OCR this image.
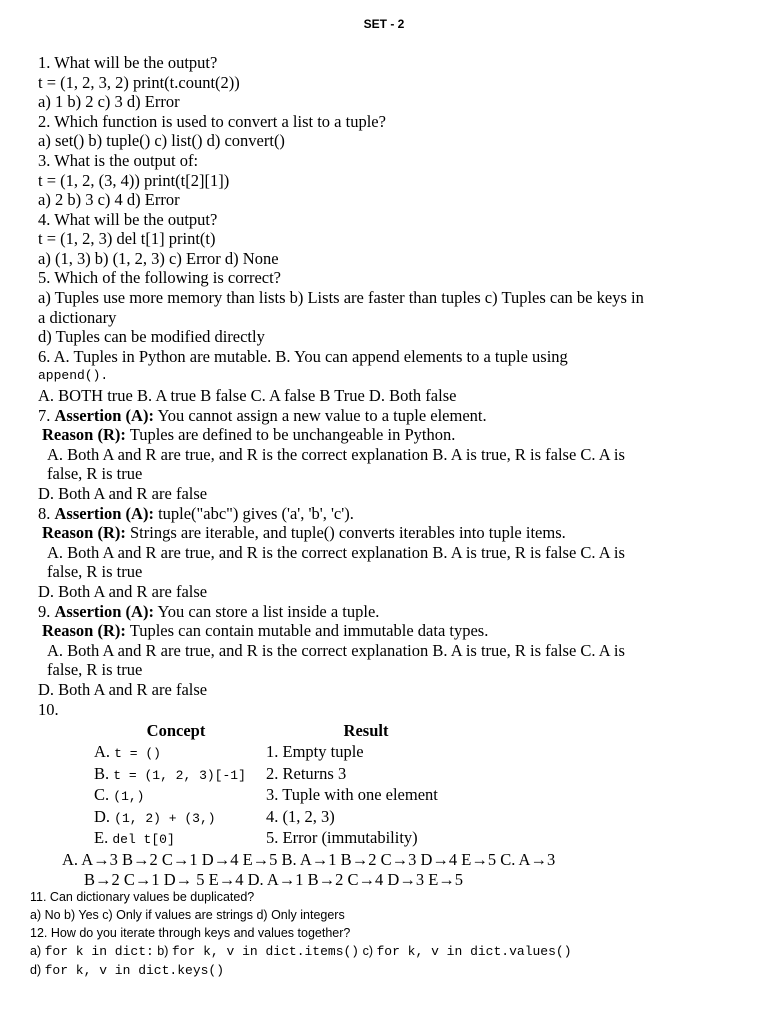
SET - 2
1. What will be the output?
t = (1, 2, 3, 2) print(t.count(2))
a) 1 b) 2 c) 3 d) Error
2. Which function is used to convert a list to a tuple?
a) set() b) tuple() c) list() d) convert()
3. What is the output of:
t = (1, 2, (3, 4)) print(t[2][1])
a) 2 b) 3 c) 4 d) Error
4. What will be the output?
t = (1, 2, 3) del t[1] print(t)
a) (1, 3) b) (1, 2, 3) c) Error d) None
5. Which of the following is correct?
a) Tuples use more memory than lists b) Lists are faster than tuples c) Tuples can be keys in
a dictionary
d) Tuples can be modified directly
6. A. Tuples in Python are mutable. B. You can append elements to a tuple using
append().
A. BOTH true B. A true B false C. A false B True D. Both false
7. Assertion (A): You cannot assign a new value to a tuple element.
Reason (R): Tuples are defined to be unchangeable in Python.
A. Both A and R are true, and R is the correct explanation B. A is true, R is false C. A is
false, R is true
D. Both A and R are false
8. Assertion (A): tuple("abc") gives ('a', 'b', 'c').
Reason (R): Strings are iterable, and tuple() converts iterables into tuple items.
A. Both A and R are true, and R is the correct explanation B. A is true, R is false C. A is
false, R is true
D. Both A and R are false
9. Assertion (A): You can store a list inside a tuple.
Reason (R): Tuples can contain mutable and immutable data types.
A. Both A and R are true, and R is the correct explanation B. A is true, R is false C. A is
false, R is true
D. Both A and R are false
10.
Concept	Result
A. t = ()	1. Empty tuple
B. t = (1, 2, 3)[-1]	2. Returns 3
C. (1,)	3. Tuple with one element
D. (1, 2) + (3,)	4. (1, 2, 3)
E. del t[0]	5. Error (immutability)
A. A→3 B→2 C→1 D→4 E→5 B. A→1 B→2 C→3 D→4 E→5 C. A→3
B→2 C→1 D→ 5 E→4 D. A→1 B→2 C→4 D→3 E→5
11. Can dictionary values be duplicated?
a) No b) Yes c) Only if values are strings d) Only integers
12. How do you iterate through keys and values together?
a) for k in dict: b) for k, v in dict.items() c) for k, v in dict.values()
d) for k, v in dict.keys()
